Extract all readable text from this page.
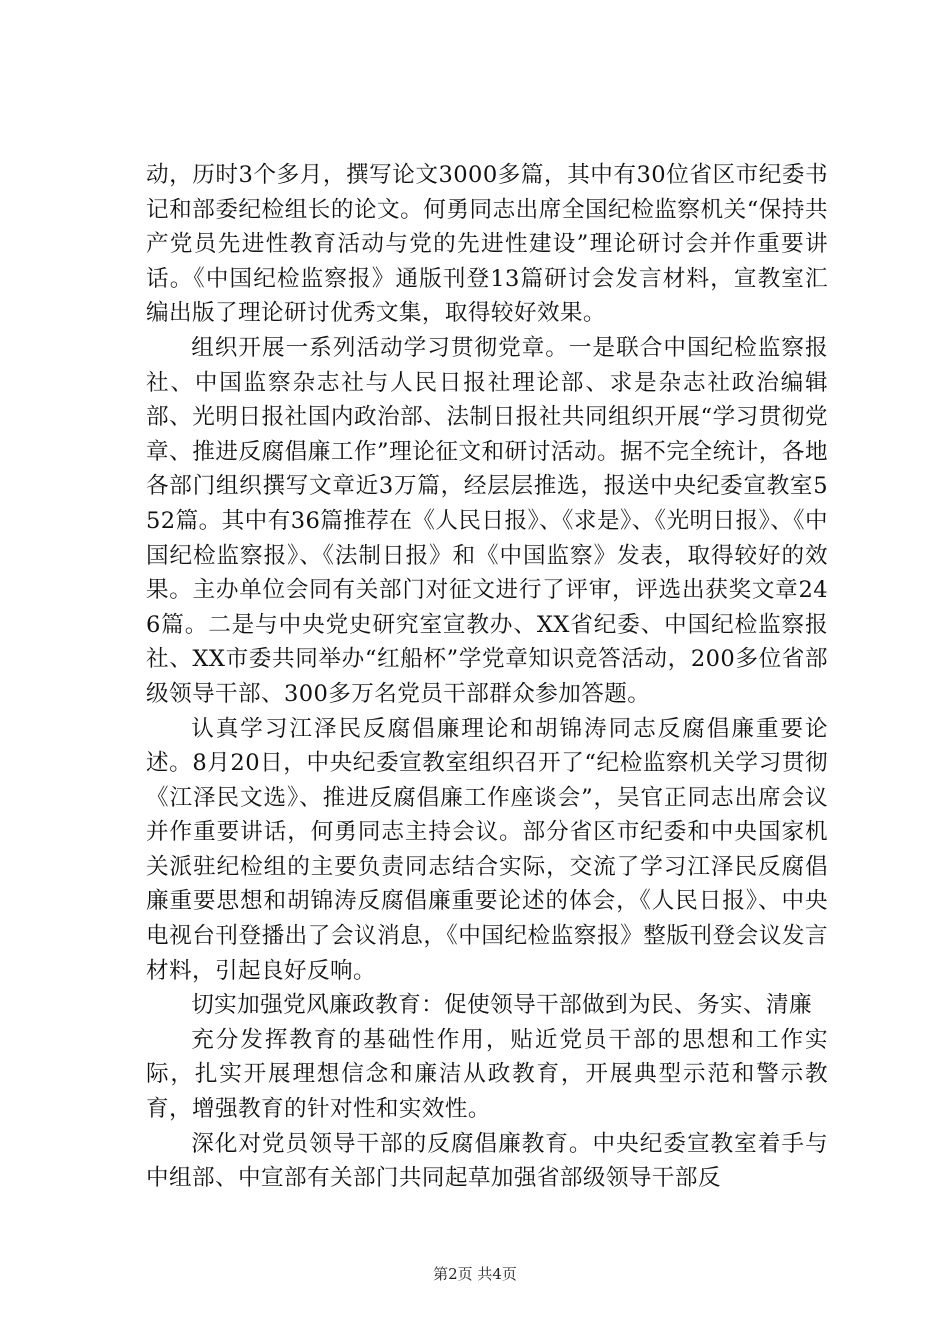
动，历时3个多月，撰写论文3000多篇，其中有30位省区市纪委书记和部委纪检组长的论文。何勇同志出席全国纪检监察机关“保持共产党员先进性教育活动与党的先进性建设”理论研讨会并作重要讲话。《中国纪检监察报》通版刊登13篇研讨会发言材料，宣教室汇编出版了理论研讨优秀文集，取得较好效果。

组织开展一系列活动学习贯彻党章。一是联合中国纪检监察报社、中国监察杂志社与人民日报社理论部、求是杂志社政治编辑部、光明日报社国内政治部、法制日报社共同组织开展“学习贯彻党章、推进反腐倡廉工作”理论征文和研讨活动。据不完全统计，各地各部门组织撰写文章近3万篇，经层层推选，报送中央纪委宣教室552篇。其中有36篇推荐在《人民日报》、《求是》、《光明日报》、《中国纪检监察报》、《法制日报》和《中国监察》发表，取得较好的效果。主办单位会同有关部门对征文进行了评审，评选出获奖文章246篇。二是与中央党史研究室宣教办、XX省纪委、中国纪检监察报社、XX市委共同举办“红船杯”学党章知识竞答活动，200多位省部级领导干部、300多万名党员干部群众参加答题。

认真学习江泽民反腐倡廉理论和胡锦涛同志反腐倡廉重要论述。8月20日，中央纪委宣教室组织召开了“纪检监察机关学习贯彻《江泽民文选》、推进反腐倡廉工作座谈会”，吴官正同志出席会议并作重要讲话，何勇同志主持会议。部分省区市纪委和中央国家机关派驻纪检组的主要负责同志结合实际，交流了学习江泽民反腐倡廉重要思想和胡锦涛反腐倡廉重要论述的体会，《人民日报》、中央电视台刊登播出了会议消息，《中国纪检监察报》整版刊登会议发言材料，引起良好反响。

切实加强党风廉政教育：促使领导干部做到为民、务实、清廉

充分发挥教育的基础性作用，贴近党员干部的思想和工作实际，扎实开展理想信念和廉洁从政教育，开展典型示范和警示教育，增强教育的针对性和实效性。

深化对党员领导干部的反腐倡廉教育。中央纪委宣教室着手与中组部、中宣部有关部门共同起草加强省部级领导干部反

第2页 共4页
